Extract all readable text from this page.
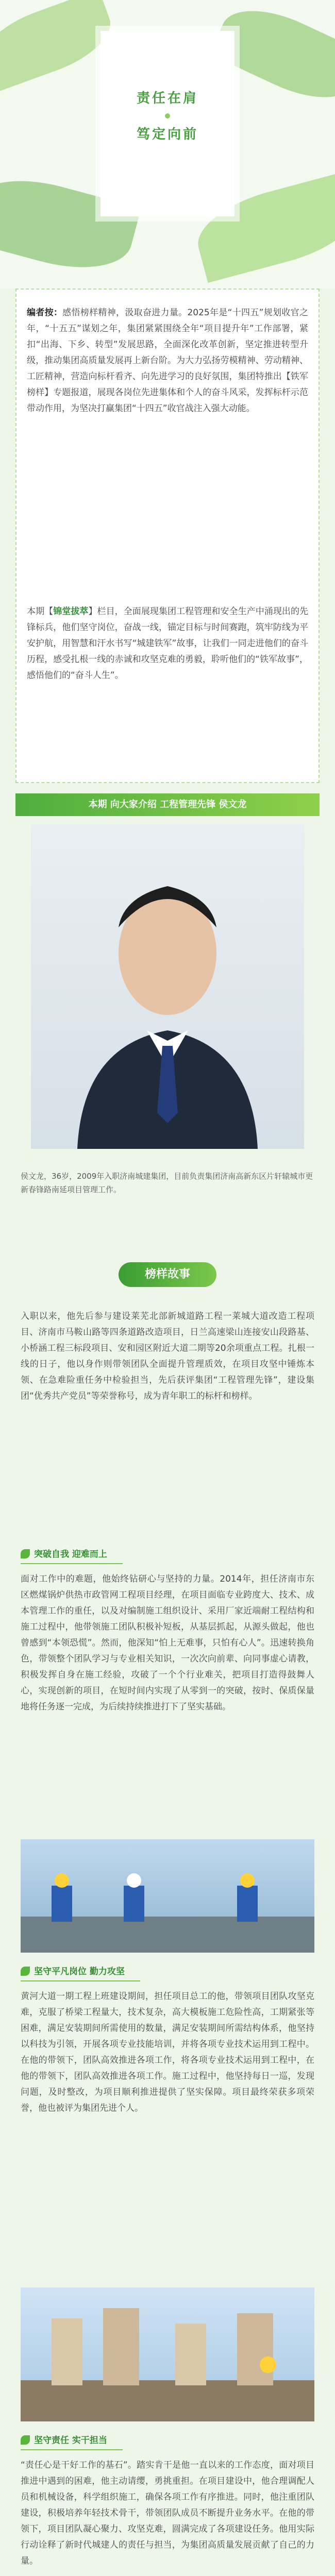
责任在肩
笃定向前
编者按：感悟榜样精神，汲取奋进力量。2025年是“十四五”规划收官之年，“十五五”谋划之年，集团紧紧围绕全年“项目提升年”工作部署，紧扣“出海、下乡、转型”发展思路，全面深化改革创新，坚定推进转型升级，推动集团高质量发展再上新台阶。为大力弘扬劳模精神、劳动精神、工匠精神，营造向标杆看齐、向先进学习的良好氛围，集团特推出【铁军榜样】专题报道，展现各岗位先进集体和个人的奋斗风采，发挥标杆示范带动作用，为坚决打赢集团“十四五”收官战注入强大动能。
本期【锦堂拔萃】栏目，全面展现集团工程管理和安全生产中涌现出的先锋标兵，他们坚守岗位，奋战一线，锚定目标与时间赛跑，筑牢防线为平安护航，用智慧和汗水书写“城建铁军”故事，让我们一同走进他们的奋斗历程，感受扎根一线的赤诚和攻坚克难的勇毅，聆听他们的“铁军故事”，感悟他们的“奋斗人生”。
本期 向大家介绍 工程管理先锋 侯文龙
侯文龙，36岁，2009年入职济南城建集团，目前负责集团济南高新东区片轩辕城市更新春锋路南延项目管理工作。
榜样故事
入职以来，他先后参与建设莱芜北部新城道路工程一莱城大道改造工程项目、济南市马鞍山路等四条道路改造项目，日兰高速梁山连接安山段路基、小桥涵工程三标段项目、安和园区附近大道二期等20余项重点工程。扎根一线的日子，他以身作则带领团队全面提升管理质效，在项目攻坚中锤炼本领、在急难险重任务中检验担当，先后获评集团“工程管理先锋”，建设集团“优秀共产党员”等荣誉称号，成为青年职工的标杆和榜样。
突破自我 迎难而上
面对工作中的难题，他始终钻研心与坚持的力量。2014年，担任济南市东区燃煤锅炉供热市政管网工程项目经理，在项目面临专业跨度大、技术、成本管理工作的重任，以及对编制施工组织设计、采用厂家近端耐工程结构和施工过程中，他带领施工团队积极补短板，从基层抓起，从源头做起，他也曾感到“本领恐慌”。然而，他深知“怕上无难事，只怕有心人”。迅速转换角色，带领整个团队学习与专业相关知识，一次次向前辈、向同事虚心请教，积极发挥自身在施工经验，攻破了一个个行业难关，把项目打造得鼓舞人心，实现创新的项目，在短时间内实现了从零到一的突破，按时、保质保量地将任务逐一完成，为后续持续推进打下了坚实基础。
坚守平凡岗位 勤力攻坚
黄河大道一期工程上班建设期间，担任项目总工的他，带领项目团队攻坚克难，克服了桥梁工程量大，技术复杂，高大模板施工危险性高，工期紧张等困难，满足安装期间所需使用的数量，满足安装期间所需结构体系，他坚持以科技为引领，开展各项专业技能培训，并将各项专业技术运用到工程中。在他的带领下，团队高效推进各项工作，将各项专业技术运用到工程中，在他的带领下，团队高效推进各项工作。施工过程中，他坚持每日一巡，发现问题，及时整改，为项目顺利推进提供了坚实保障。项目最终荣获多项荣誉，他也被评为集团先进个人。
坚守责任 实干担当
“责任心是干好工作的基石”。踏实肯干是他一直以来的工作态度，面对项目推进中遇到的困难，他主动请缨，勇挑重担。在项目建设中，他合理调配人员和机械设备，科学组织施工，确保各项工作有序推进。同时，他注重团队建设，积极培养年轻技术骨干，带领团队成员不断提升业务水平。在他的带领下，项目团队凝心聚力、攻坚克难，圆满完成了各项建设任务。他用实际行动诠释了新时代城建人的责任与担当，为集团高质量发展贡献了自己的力量。
